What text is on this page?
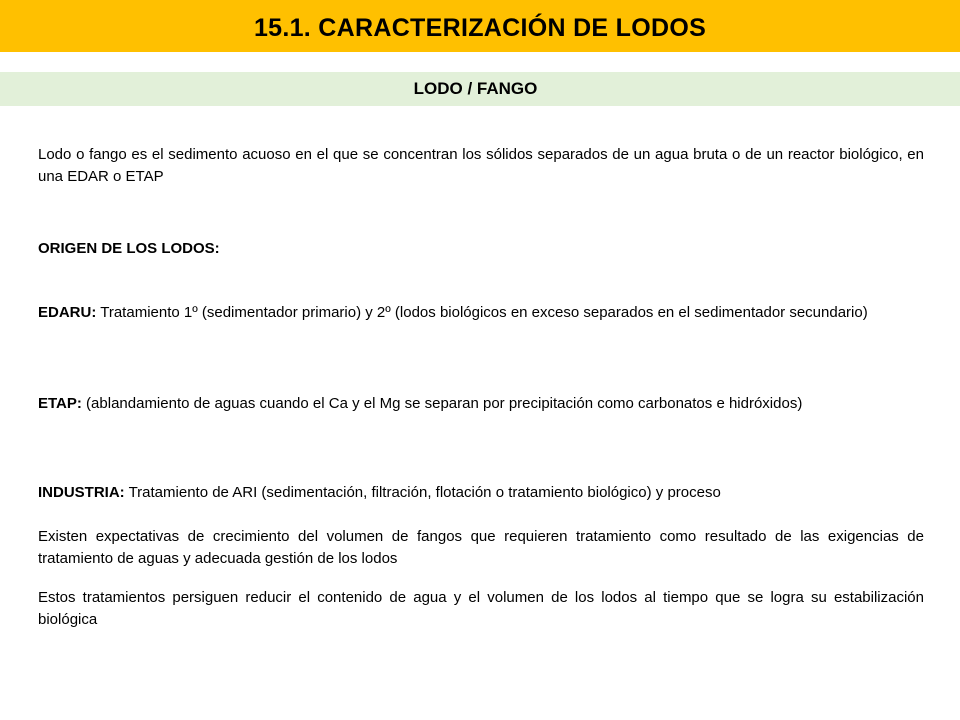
15.1. CARACTERIZACIÓN DE LODOS
LODO / FANGO

Lodo o fango es el sedimento acuoso en el que se concentran los sólidos separados de un agua bruta o de un reactor biológico, en una EDAR o ETAP

ORIGEN DE LOS LODOS:

EDARU: Tratamiento 1º (sedimentador primario) y 2º (lodos biológicos en exceso separados en el sedimentador secundario)

ETAP: (ablandamiento de aguas cuando el Ca y el Mg se separan por precipitación como carbonatos e hidróxidos)

INDUSTRIA: Tratamiento de ARI (sedimentación, filtración, flotación o tratamiento biológico) y proceso

Existen expectativas de crecimiento del volumen de fangos que requieren tratamiento como resultado de las exigencias de tratamiento de aguas y adecuada gestión de los lodos

Estos tratamientos persiguen reducir el contenido de agua y el volumen de los lodos al tiempo que se logra su estabilización biológica
